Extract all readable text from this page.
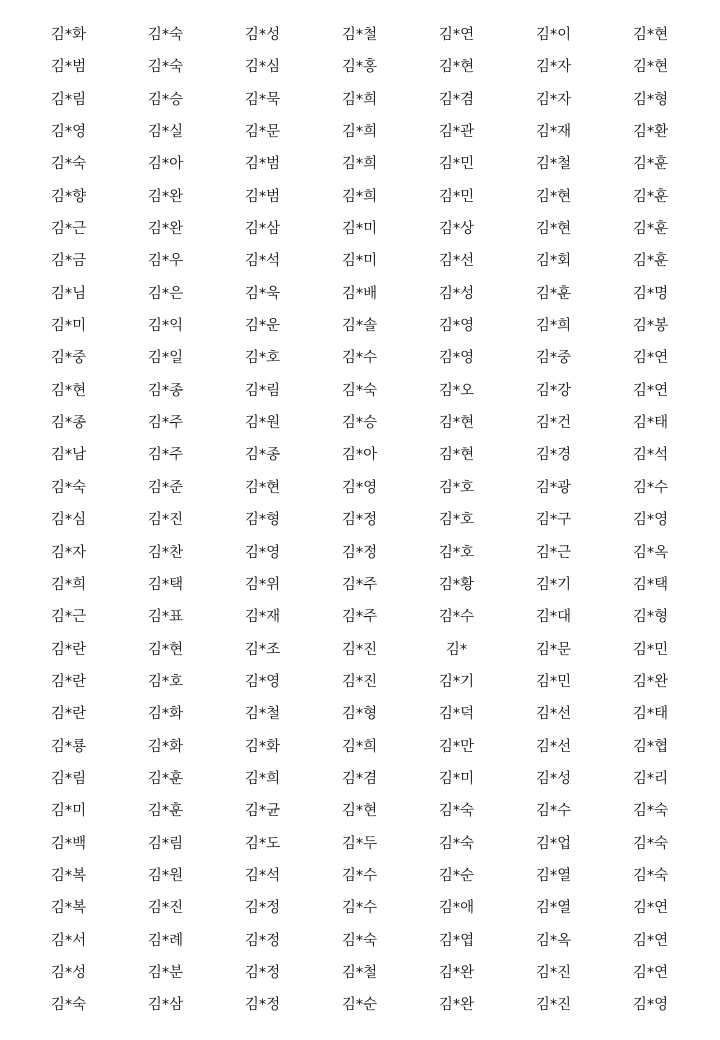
김*화	김*숙	김*성	김*철	김*연	김*이	김*현
김*범	김*숙	김*심	김*홍	김*현	김*자	김*현
김*림	김*승	김*묵	김*희	김*겸	김*자	김*형
김*영	김*실	김*문	김*희	김*관	김*재	김*환
김*숙	김*아	김*범	김*희	김*민	김*철	김*훈
김*향	김*완	김*범	김*희	김*민	김*현	김*훈
김*근	김*완	김*삼	김*미	김*상	김*현	김*훈
김*금	김*우	김*석	김*미	김*선	김*회	김*훈
김*님	김*은	김*욱	김*배	김*성	김*훈	김*명
김*미	김*익	김*운	김*솔	김*영	김*희	김*봉
김*중	김*일	김*호	김*수	김*영	김*중	김*연
김*현	김*종	김*림	김*숙	김*오	김*강	김*연
김*종	김*주	김*원	김*승	김*현	김*건	김*태
김*남	김*주	김*종	김*아	김*현	김*경	김*석
김*숙	김*준	김*현	김*영	김*호	김*광	김*수
김*심	김*진	김*형	김*정	김*호	김*구	김*영
김*자	김*찬	김*영	김*정	김*호	김*근	김*옥
김*희	김*택	김*위	김*주	김*황	김*기	김*택
김*근	김*표	김*재	김*주	김*수	김*대	김*형
김*란	김*현	김*조	김*진	김*	김*문	김*민
김*란	김*호	김*영	김*진	김*기	김*민	김*완
김*란	김*화	김*철	김*형	김*덕	김*선	김*태
김*룡	김*화	김*화	김*희	김*만	김*선	김*협
김*림	김*훈	김*희	김*겸	김*미	김*성	김*리
김*미	김*훈	김*균	김*현	김*숙	김*수	김*숙
김*백	김*림	김*도	김*두	김*숙	김*업	김*숙
김*복	김*원	김*석	김*수	김*순	김*열	김*숙
김*복	김*진	김*정	김*수	김*애	김*열	김*연
김*서	김*례	김*정	김*숙	김*엽	김*옥	김*연
김*성	김*분	김*정	김*철	김*완	김*진	김*연
김*숙	김*삼	김*정	김*순	김*완	김*진	김*영
